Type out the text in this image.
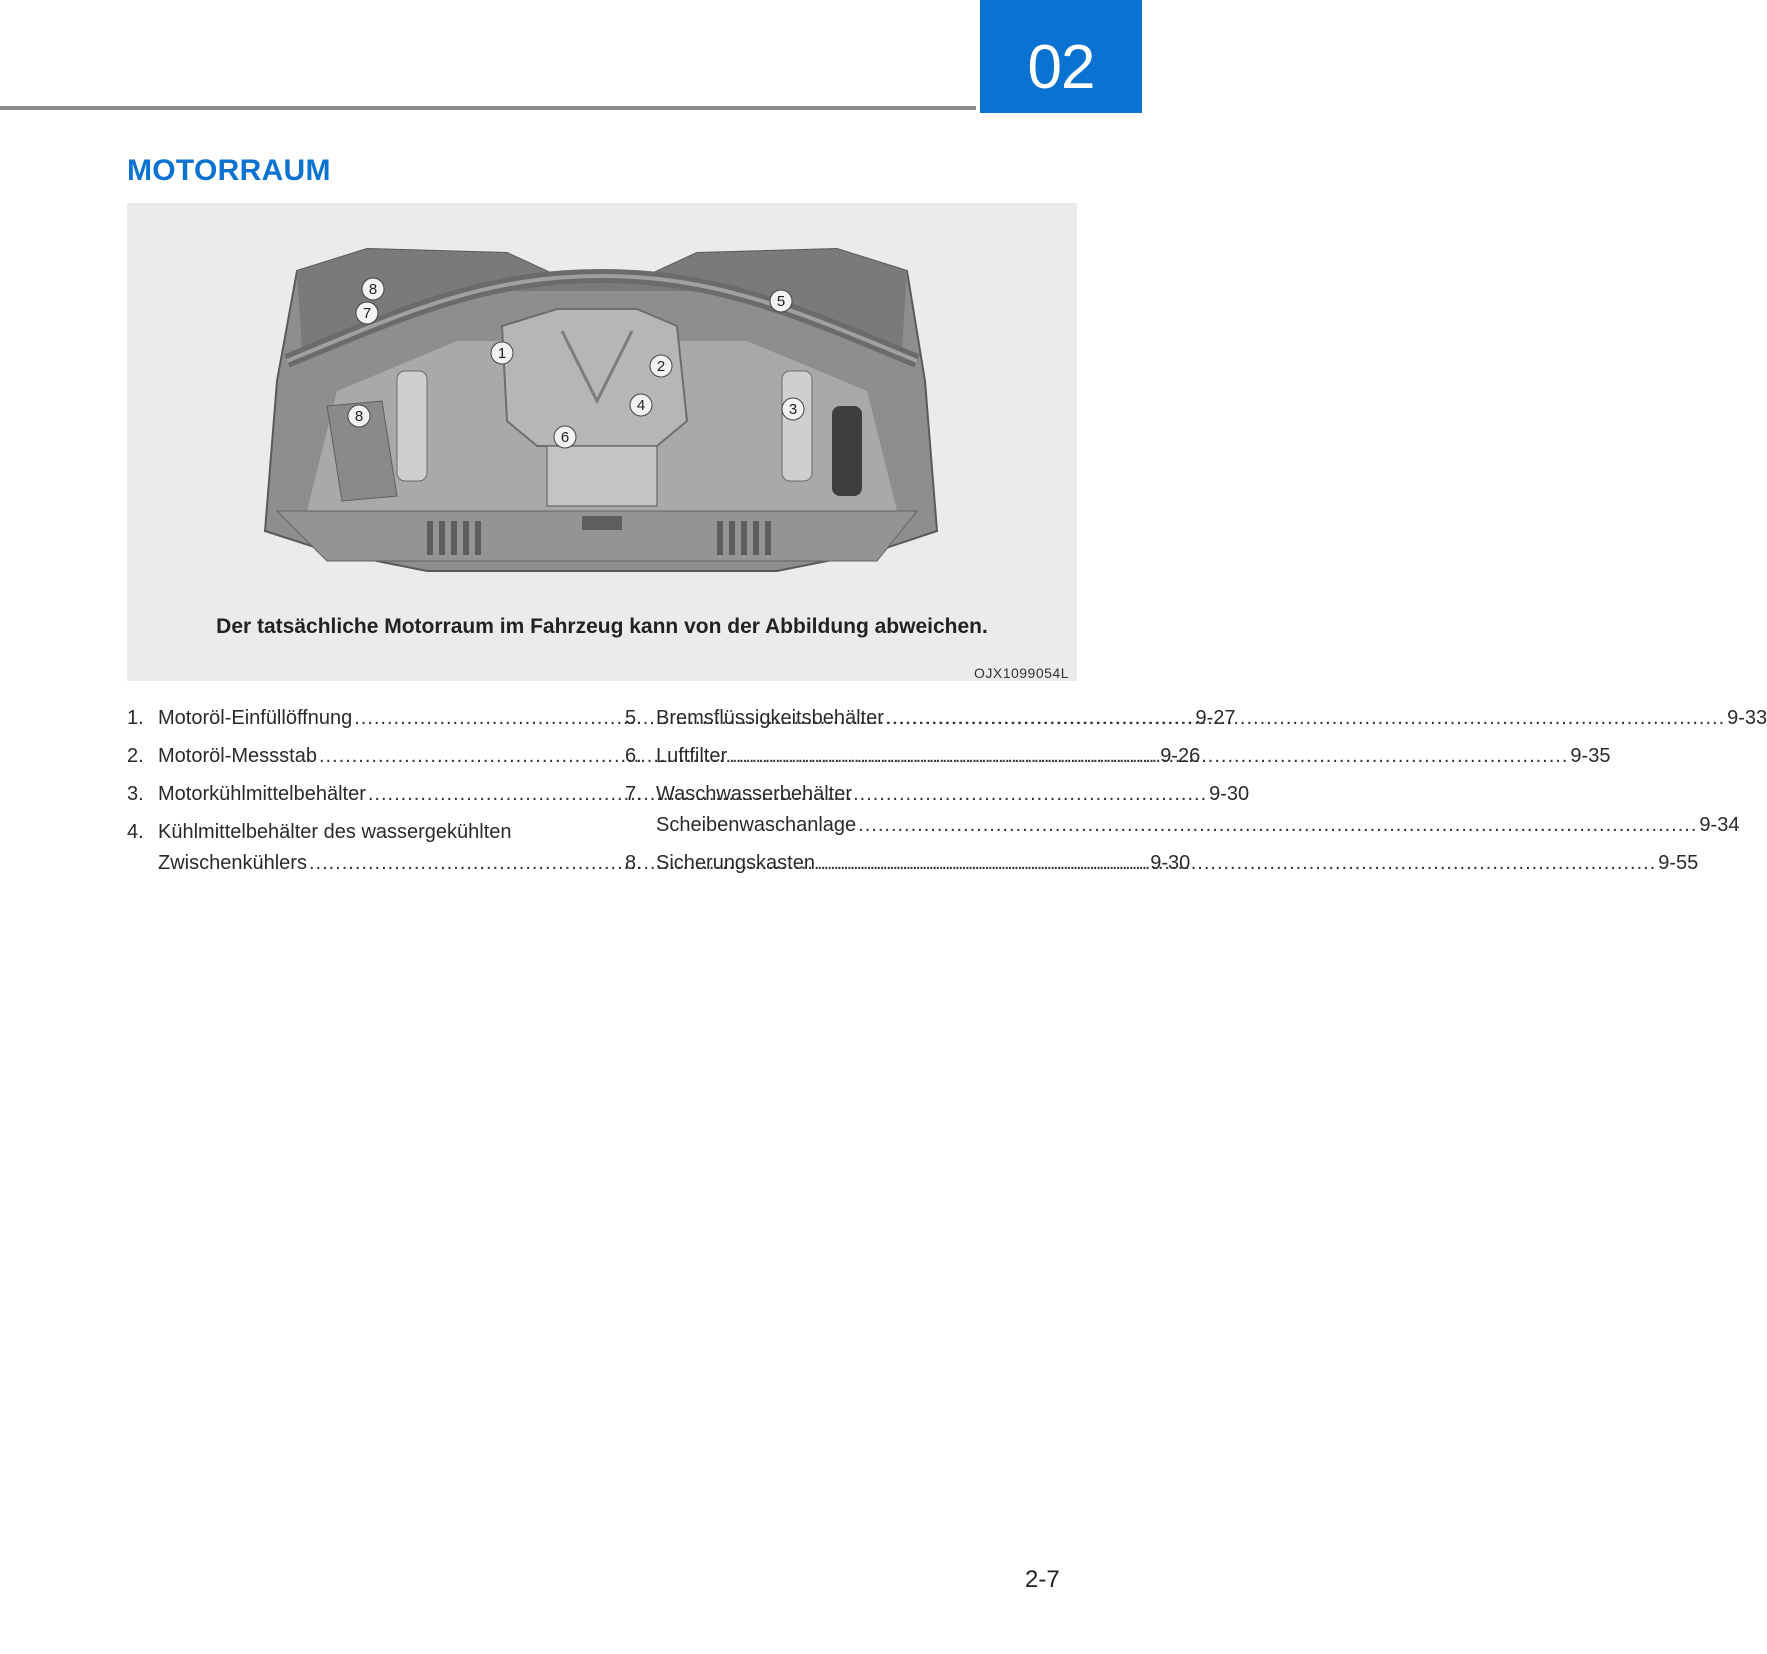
02
MOTORRAUM
8
7
5
1
2
8
4	3
6
Der tatsächliche Motorraum im Fahrzeug kann von der Abbildung abweichen.
OJX1099054L
1. Motoröl-Einfüllöffnung .....	9-27
2. Motoröl-Messstab .....	9-26
3. Motorkühlmittelbehälter .....	9-30
4. Kühlmittelbehälter des wassergekühlten
Zwischenkühlers .....	9-30
5. Bremsflüssigkeitsbehälter .....	9-33
6. Luftfilter .....	9-35
7. Waschwasserbehälter
Scheibenwaschanlage .....	9-34
8. Sicherungskasten .....	9-55
2-7
